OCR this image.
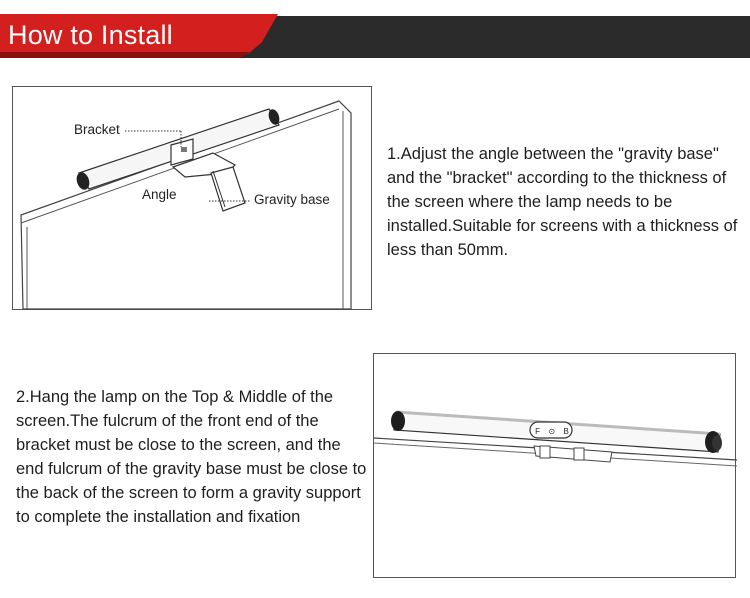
How to Install
Bracket
Angle	Gravity base
1.Adjust the angle between the "gravity base" and the "bracket" according to the thickness of the screen where the lamp needs to be installed.Suitable for screens with a thickness of less than 50mm.
2.Hang the lamp on the Top & Middle of the screen.The fulcrum of the front end of the bracket must be close to the screen, and the end fulcrum of the gravity base must be close to the back of the screen to form a gravity support to complete the installation and fixation
F ⊙ B
